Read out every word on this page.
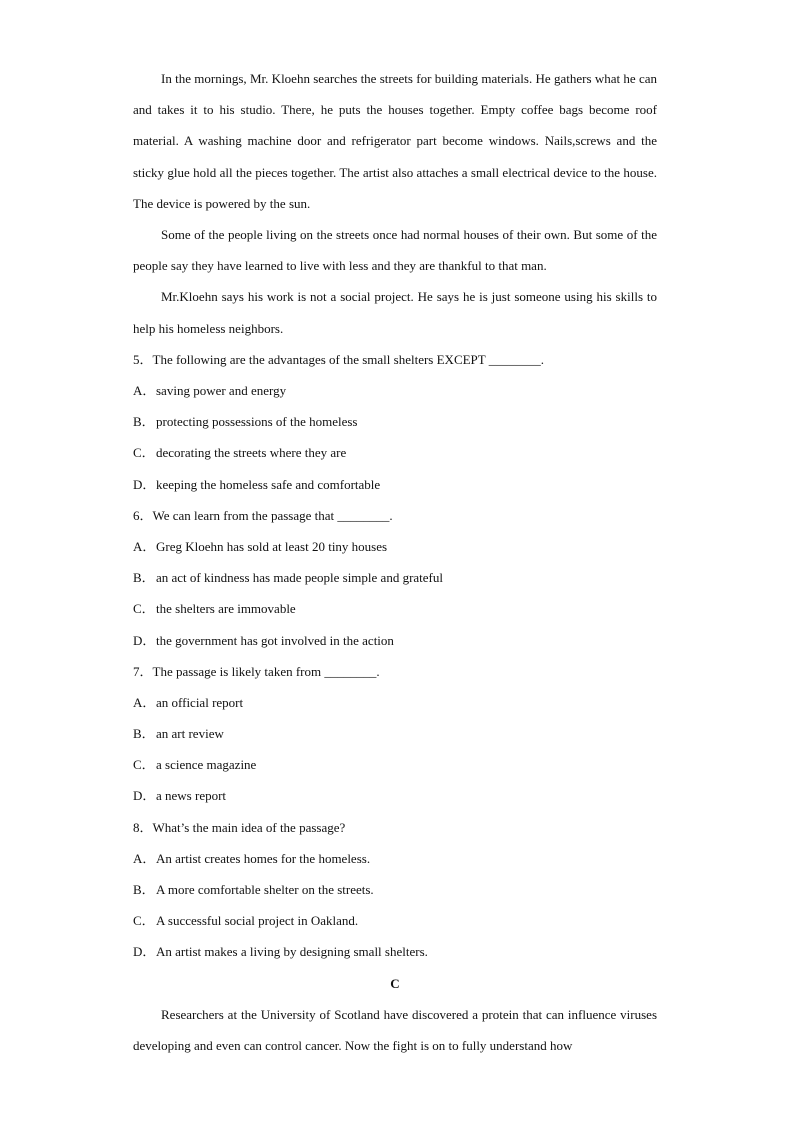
In the mornings, Mr. Kloehn searches the streets for building materials. He gathers what he can and takes it to his studio. There, he puts the houses together. Empty coffee bags become roof material. A washing machine door and refrigerator part become windows. Nails,screws and the sticky glue hold all the pieces together. The artist also attaches a small electrical device to the house. The device is powered by the sun.

Some of the people living on the streets once had normal houses of their own. But some of the people say they have learned to live with less and they are thankful to that man.

Mr.Kloehn says his work is not a social project. He says he is just someone using his skills to help his homeless neighbors.

5．The following are the advantages of the small shelters EXCEPT ________.
A．saving power and energy
B．protecting possessions of the homeless
C．decorating the streets where they are
D．keeping the homeless safe and comfortable
6．We can learn from the passage that ________.
A．Greg Kloehn has sold at least 20 tiny houses
B．an act of kindness has made people simple and grateful
C．the shelters are immovable
D．the government has got involved in the action
7．The passage is likely taken from ________.
A．an official report
B．an art review
C．a science magazine
D．a news report
8．What’s the main idea of the passage?
A．An artist creates homes for the homeless.
B．A more comfortable shelter on the streets.
C．A successful social project in Oakland.
D．An artist makes a living by designing small shelters.
C

Researchers at the University of Scotland have discovered a protein that can influence viruses developing and even can control cancer. Now the fight is on to fully understand how
